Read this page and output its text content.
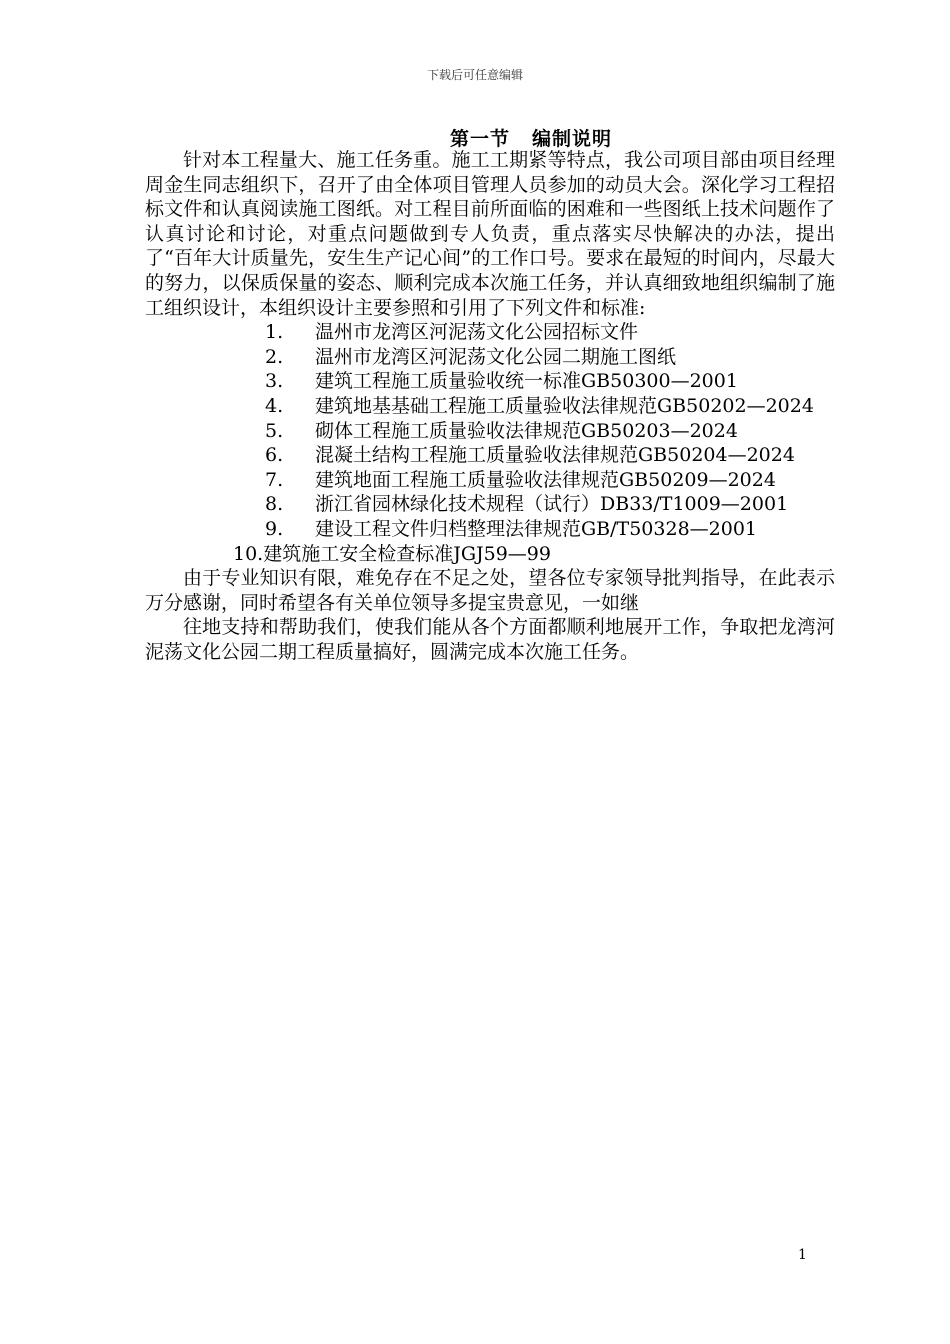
下载后可任意编辑
第一节 编制说明

针对本工程量大、施工任务重。施工工期紧等特点，我公司项目部由项目经理周金生同志组织下，召开了由全体项目管理人员参加的动员大会。深化学习工程招标文件和认真阅读施工图纸。对工程目前所面临的困难和一些图纸上技术问题作了认真讨论和讨论，对重点问题做到专人负责，重点落实尽快解决的办法，提出了“百年大计质量先，安生生产记心间”的工作口号。要求在最短的时间内，尽最大的努力，以保质保量的姿态、顺利完成本次施工任务，并认真细致地组织编制了施工组织设计，本组织设计主要参照和引用了下列文件和标准:

1. 温州市龙湾区河泥荡文化公园招标文件
2. 温州市龙湾区河泥荡文化公园二期施工图纸
3. 建筑工程施工质量验收统一标准GB50300—2001
4. 建筑地基基础工程施工质量验收法律规范GB50202—2024
5. 砌体工程施工质量验收法律规范GB50203—2024
6. 混凝土结构工程施工质量验收法律规范GB50204—2024
7. 建筑地面工程施工质量验收法律规范GB50209—2024
8. 浙江省园林绿化技术规程（试行）DB33/T1009—2001
9. 建设工程文件归档整理法律规范GB/T50328—2001
10.建筑施工安全检查标准JGJ59—99

由于专业知识有限，难免存在不足之处，望各位专家领导批判指导，在此表示万分感谢，同时希望各有关单位领导多提宝贵意见，一如继

往地支持和帮助我们，使我们能从各个方面都顺利地展开工作，争取把龙湾河泥荡文化公园二期工程质量搞好，圆满完成本次施工任务。

1
